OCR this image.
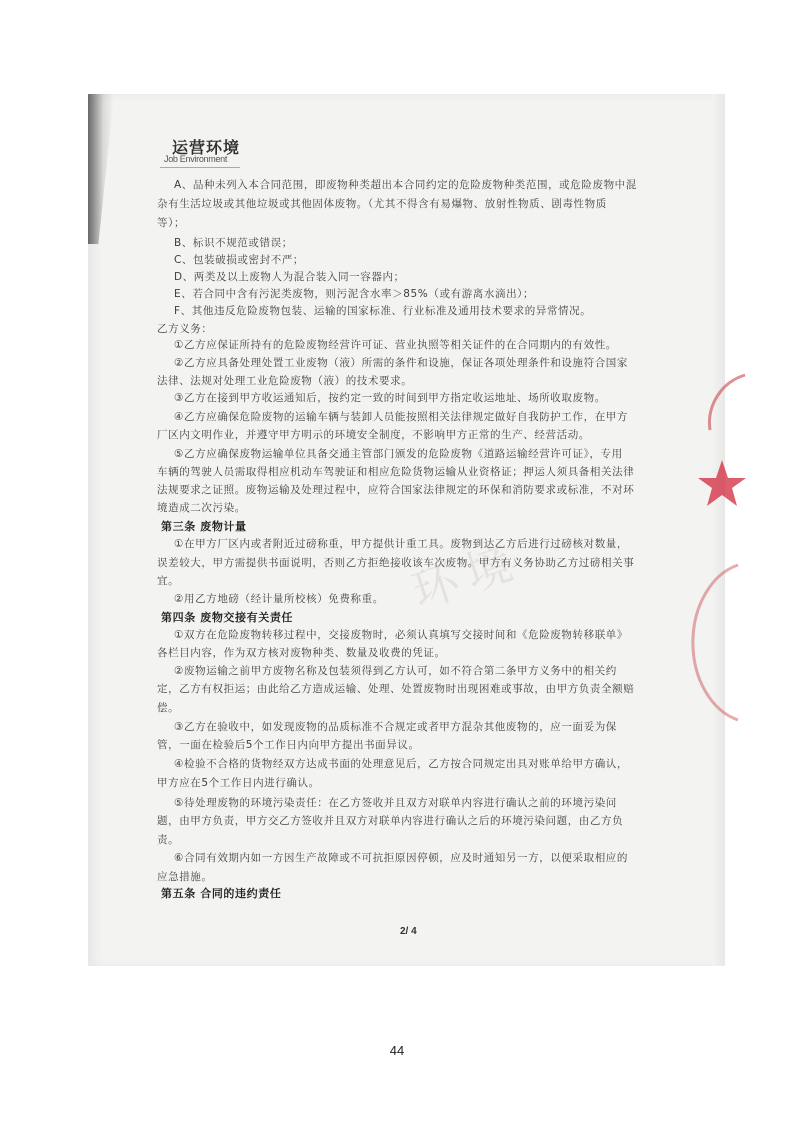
环境
运营环境
Job Environment
A、品种未列入本合同范围，即废物种类超出本合同约定的危险废物种类范围，或危险废物中混
杂有生活垃圾或其他垃圾或其他固体废物。（尤其不得含有易爆物、放射性物质、剧毒性物质
等）；
B、标识不规范或错误；
C、包装破损或密封不严；
D、两类及以上废物人为混合装入同一容器内；
E、若合同中含有污泥类废物，则污泥含水率＞85%（或有游离水滴出）；
F、其他违反危险废物包装、运输的国家标准、行业标准及通用技术要求的异常情况。
乙方义务：
①乙方应保证所持有的危险废物经营许可证、营业执照等相关证件的在合同期内的有效性。
②乙方应具备处理处置工业废物（液）所需的条件和设施，保证各项处理条件和设施符合国家
法律、法规对处理工业危险废物（液）的技术要求。
③乙方在接到甲方收运通知后，按约定一致的时间到甲方指定收运地址、场所收取废物。
④乙方应确保危险废物的运输车辆与装卸人员能按照相关法律规定做好自我防护工作，在甲方
厂区内文明作业，并遵守甲方明示的环境安全制度，不影响甲方正常的生产、经营活动。
⑤乙方应确保废物运输单位具备交通主管部门颁发的危险废物《道路运输经营许可证》，专用
车辆的驾驶人员需取得相应机动车驾驶证和相应危险货物运输从业资格证；押运人须具备相关法律
法规要求之证照。废物运输及处理过程中，应符合国家法律规定的环保和消防要求或标准，不对环
境造成二次污染。
第三条 废物计量
①在甲方厂区内或者附近过磅称重，甲方提供计重工具。废物到达乙方后进行过磅核对数量，
误差较大，甲方需提供书面说明，否则乙方拒绝接收该车次废物。甲方有义务协助乙方过磅相关事
宜。
②用乙方地磅（经计量所校核）免费称重。
第四条 废物交接有关责任
①双方在危险废物转移过程中，交接废物时，必须认真填写交接时间和《危险废物转移联单》
各栏目内容，作为双方核对废物种类、数量及收费的凭证。
②废物运输之前甲方废物名称及包装须得到乙方认可，如不符合第二条甲方义务中的相关约
定，乙方有权拒运；由此给乙方造成运输、处理、处置废物时出现困难或事故，由甲方负责全额赔
偿。
③乙方在验收中，如发现废物的品质标准不合规定或者甲方混杂其他废物的，应一面妥为保
管，一面在检验后5个工作日内向甲方提出书面异议。
④检验不合格的货物经双方达成书面的处理意见后，乙方按合同规定出具对账单给甲方确认，
甲方应在5个工作日内进行确认。
⑤待处理废物的环境污染责任：在乙方签收并且双方对联单内容进行确认之前的环境污染问
题，由甲方负责，甲方交乙方签收并且双方对联单内容进行确认之后的环境污染问题，由乙方负
责。
⑥合同有效期内如一方因生产故障或不可抗拒原因停顿，应及时通知另一方，以便采取相应的
应急措施。
第五条 合同的违约责任
2/ 4
44
